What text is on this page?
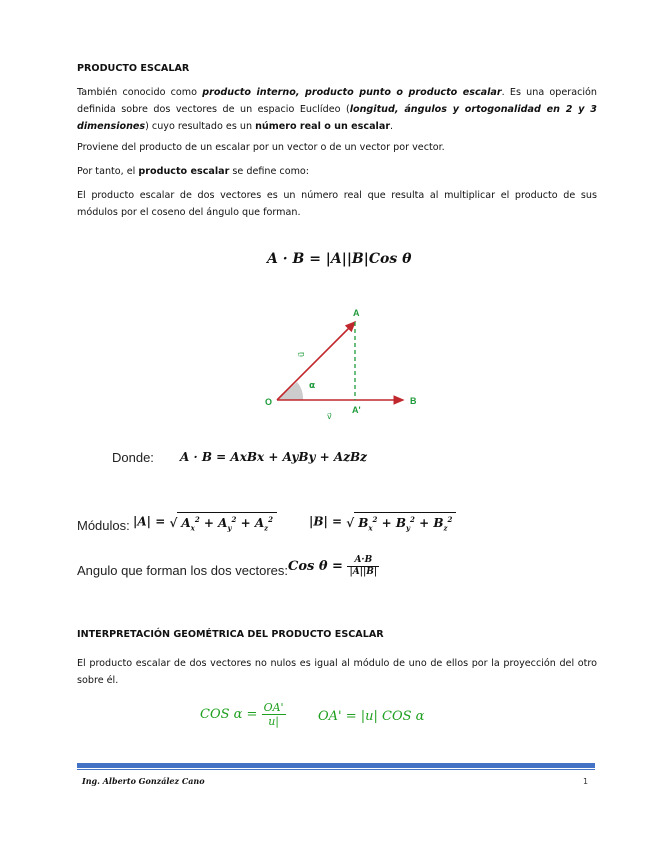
PRODUCTO ESCALAR
También conocido como producto interno, producto punto o producto escalar. Es una operación definida sobre dos vectores de un espacio Euclídeo (longitud, ángulos y ortogonalidad en 2 y 3 dimensiones) cuyo resultado es un número real o un escalar.
Proviene del producto de un escalar por un vector o de un vector por vector.
Por tanto, el producto escalar se define como:
El producto escalar de dos vectores es un número real que resulta al multiplicar el producto de sus módulos por el coseno del ángulo que forman.
A · B = |A||B|Cos θ
A
B
O
A'
α
u⃗
v⃗
Donde: A · B = AxBx + AyBy + AzBz
Módulos: |A| = √ $A_x^2 + A_y^2 + A_z^2$	|B| = √ $B_x^2 + B_y^2 + B_z^2$
Angulo que forman los dos vectores: Cos $\theta = \frac{A\cdot B}{|A||B|}$
INTERPRETACIÓN GEOMÉTRICA DEL PRODUCTO ESCALAR
El producto escalar de dos vectores no nulos es igual al módulo de uno de ellos por la proyección del otro sobre él.
COS $\alpha = \frac{OA'}{u|} OA' = |u|$ COS α
Ing. Alberto González Cano	1
